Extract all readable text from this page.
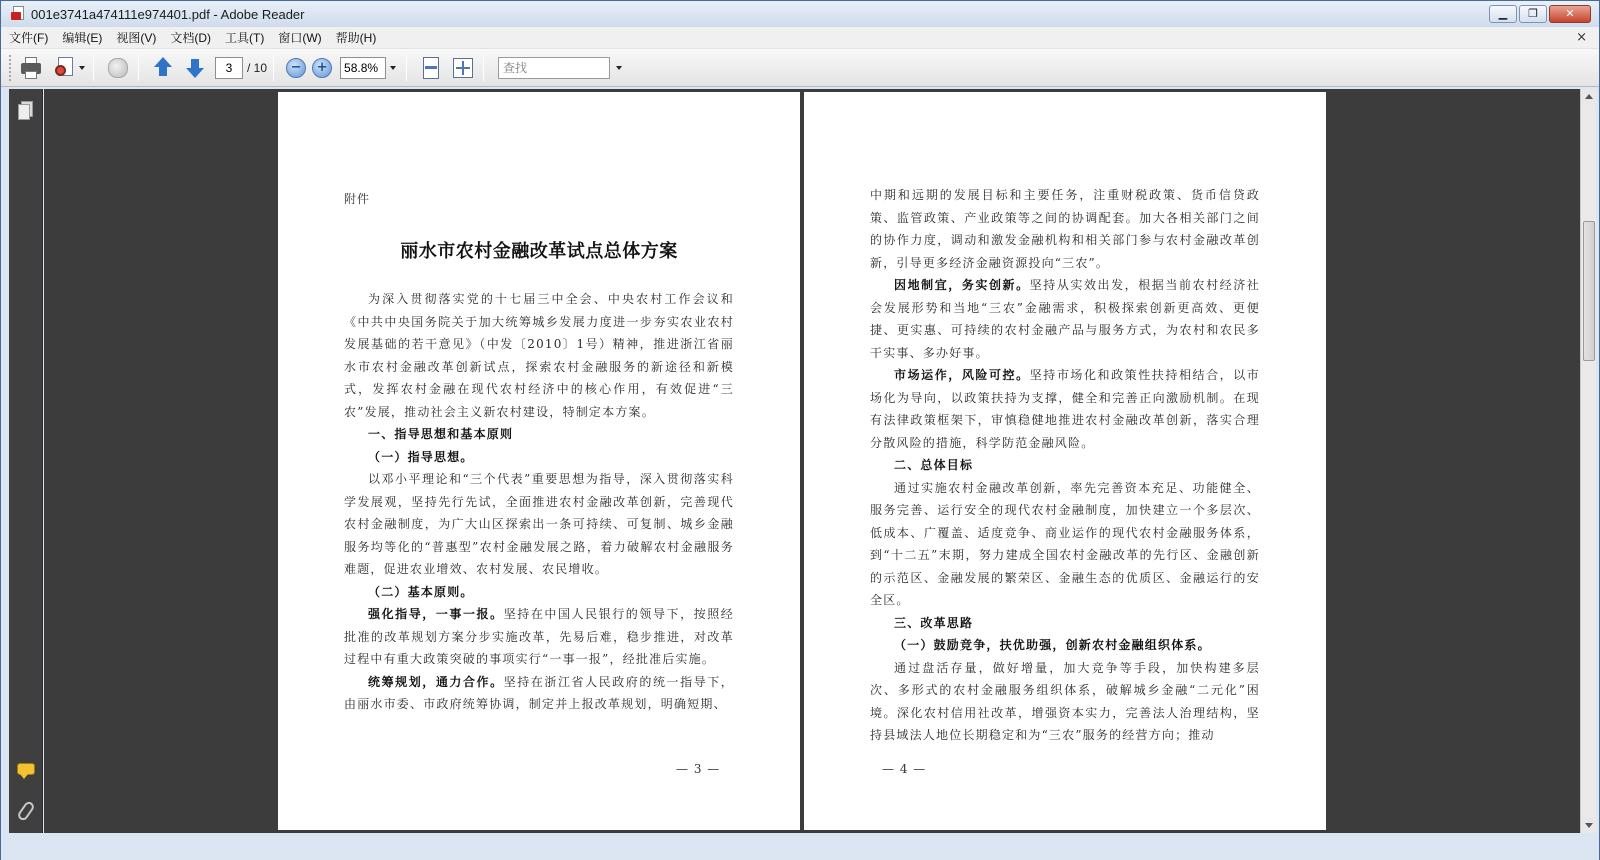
001e3741a474111e974401.pdf - Adobe Reader	▁	❐	✕
文件(F)	编辑(E)	视图(V)	文档(D)	工具(T)	窗口(W)	帮助(H)	×
3	/ 10 − +	58.8%	查找
附件
丽水市农村金融改革试点总体方案

为深入贯彻落实党的十七届三中全会、中央农村工作会议和《中共中央国务院关于加大统筹城乡发展力度进一步夯实农业农村发展基础的若干意见》（中发〔2010〕1号）精神，推进浙江省丽水市农村金融改革创新试点，探索农村金融服务的新途径和新模式，发挥农村金融在现代农村经济中的核心作用，有效促进“三农”发展，推动社会主义新农村建设，特制定本方案。

一、指导思想和基本原则

（一）指导思想。

以邓小平理论和“三个代表”重要思想为指导，深入贯彻落实科学发展观，坚持先行先试，全面推进农村金融改革创新，完善现代农村金融制度，为广大山区探索出一条可持续、可复制、城乡金融服务均等化的“普惠型”农村金融发展之路，着力破解农村金融服务难题，促进农业增效、农村发展、农民增收。

（二）基本原则。

强化指导，一事一报。坚持在中国人民银行的领导下，按照经批准的改革规划方案分步实施改革，先易后难，稳步推进，对改革过程中有重大政策突破的事项实行“一事一报”，经批准后实施。

统筹规划，通力合作。坚持在浙江省人民政府的统一指导下，由丽水市委、市政府统筹协调，制定并上报改革规划，明确短期、

— 3 —

中期和远期的发展目标和主要任务，注重财税政策、货币信贷政策、监管政策、产业政策等之间的协调配套。加大各相关部门之间的协作力度，调动和激发金融机构和相关部门参与农村金融改革创新，引导更多经济金融资源投向“三农”。

因地制宜，务实创新。坚持从实效出发，根据当前农村经济社会发展形势和当地“三农”金融需求，积极探索创新更高效、更便捷、更实惠、可持续的农村金融产品与服务方式，为农村和农民多干实事、多办好事。

市场运作，风险可控。坚持市场化和政策性扶持相结合，以市场化为导向，以政策扶持为支撑，健全和完善正向激励机制。在现有法律政策框架下，审慎稳健地推进农村金融改革创新，落实合理分散风险的措施，科学防范金融风险。

二、总体目标

通过实施农村金融改革创新，率先完善资本充足、功能健全、服务完善、运行安全的现代农村金融制度，加快建立一个多层次、低成本、广覆盖、适度竞争、商业运作的现代农村金融服务体系，到“十二五”末期，努力建成全国农村金融改革的先行区、金融创新的示范区、金融发展的繁荣区、金融生态的优质区、金融运行的安全区。

三、改革思路

（一）鼓励竞争，扶优助强，创新农村金融组织体系。

通过盘活存量，做好增量，加大竞争等手段，加快构建多层次、多形式的农村金融服务组织体系，破解城乡金融“二元化”困境。深化农村信用社改革，增强资本实力，完善法人治理结构，坚持县域法人地位长期稳定和为“三农”服务的经营方向；推动

— 4 —
